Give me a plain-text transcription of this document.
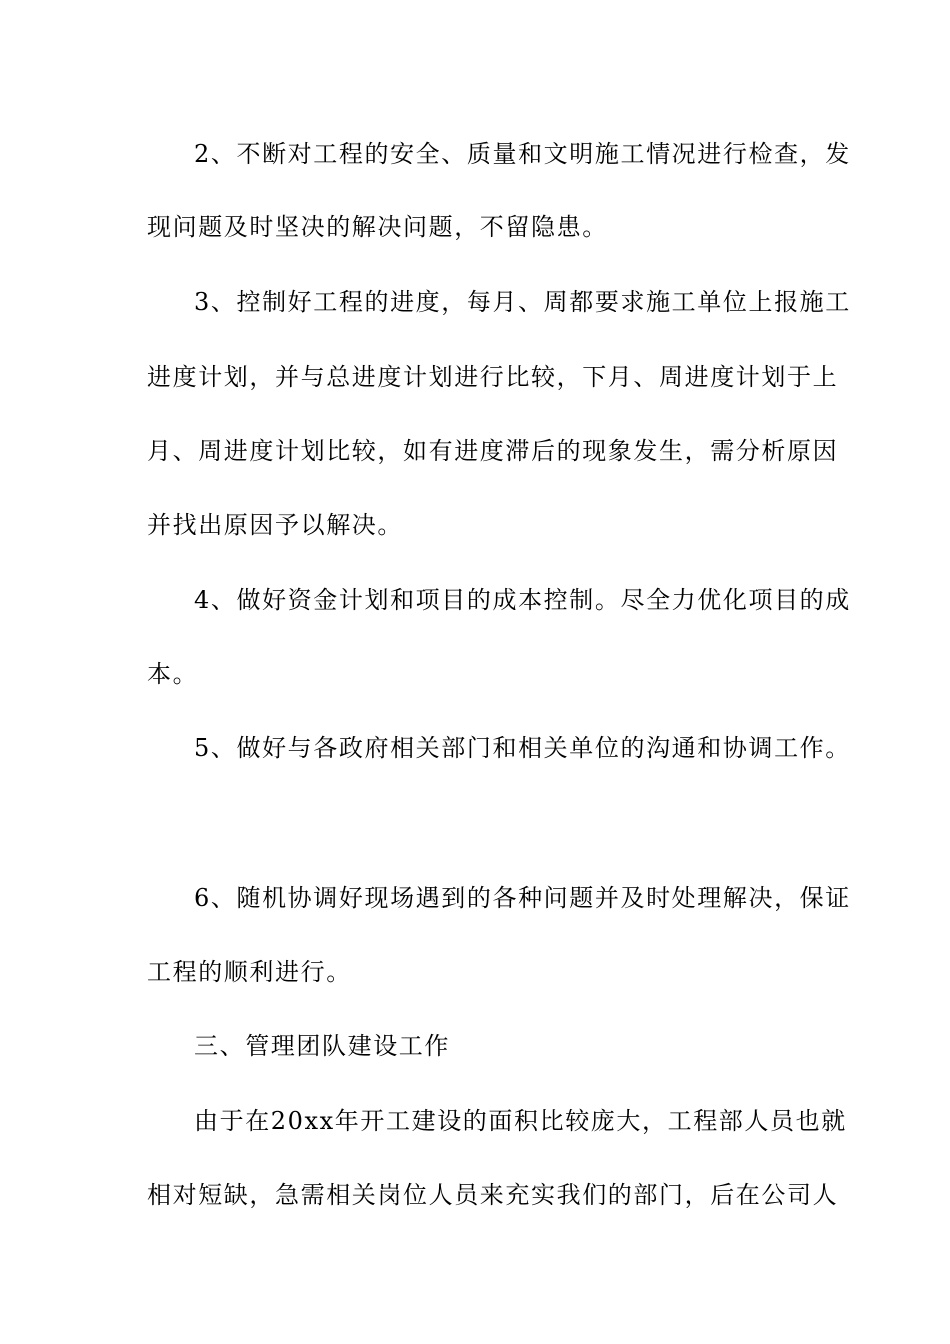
2、不断对工程的安全、质量和文明施工情况进行检查，发
现问题及时坚决的解决问题，不留隐患。
3、控制好工程的进度，每月、周都要求施工单位上报施工
进度计划，并与总进度计划进行比较，下月、周进度计划于上
月、周进度计划比较，如有进度滞后的现象发生，需分析原因
并找出原因予以解决。
4、做好资金计划和项目的成本控制。尽全力优化项目的成
本。
5、做好与各政府相关部门和相关单位的沟通和协调工作。
6、随机协调好现场遇到的各种问题并及时处理解决，保证
工程的顺利进行。
三、管理团队建设工作
由于在20xx年开工建设的面积比较庞大，工程部人员也就
相对短缺，急需相关岗位人员来充实我们的部门，后在公司人
